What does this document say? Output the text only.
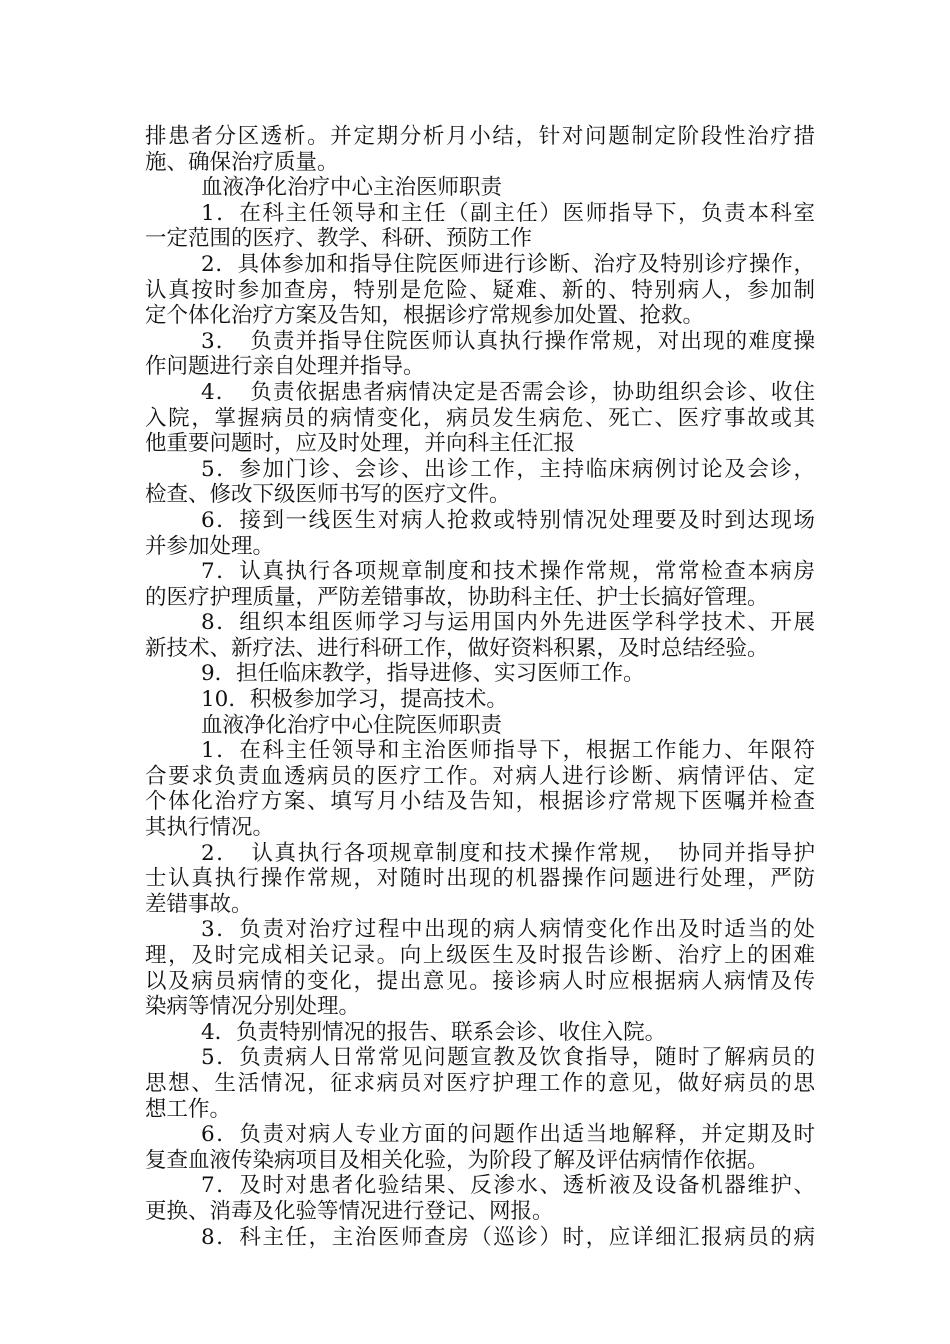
排患者分区透析。并定期分析月小结，针对问题制定阶段性治疗措
施、确保治疗质量。
血液净化治疗中心主治医师职责
1．在科主任领导和主任（副主任）医师指导下，负责本科室
一定范围的医疗、教学、科研、预防工作
2．具体参加和指导住院医师进行诊断、治疗及特别诊疗操作，
认真按时参加查房，特别是危险、疑难、新的、特别病人，参加制
定个体化治疗方案及告知，根据诊疗常规参加处置、抢救。
3．　负责并指导住院医师认真执行操作常规，对出现的难度操
作问题进行亲自处理并指导。
4．　负责依据患者病情决定是否需会诊，协助组织会诊、收住
入院，掌握病员的病情变化，病员发生病危、死亡、医疗事故或其
他重要问题时，应及时处理，并向科主任汇报
5．参加门诊、会诊、出诊工作，主持临床病例讨论及会诊，
检查、修改下级医师书写的医疗文件。
6．接到一线医生对病人抢救或特别情况处理要及时到达现场
并参加处理。
7．认真执行各项规章制度和技术操作常规，常常检查本病房
的医疗护理质量，严防差错事故，协助科主任、护士长搞好管理。
8．组织本组医师学习与运用国内外先进医学科学技术、开展
新技术、新疗法、进行科研工作，做好资料积累，及时总结经验。
9．担任临床教学，指导进修、实习医师工作。
10．积极参加学习，提高技术。
血液净化治疗中心住院医师职责
1．在科主任领导和主治医师指导下，根据工作能力、年限符
合要求负责血透病员的医疗工作。对病人进行诊断、病情评估、定
个体化治疗方案、填写月小结及告知，根据诊疗常规下医嘱并检查
其执行情况。
2．　认真执行各项规章制度和技术操作常规，　协同并指导护
士认真执行操作常规，对随时出现的机器操作问题进行处理，严防
差错事故。
3．负责对治疗过程中出现的病人病情变化作出及时适当的处
理，及时完成相关记录。向上级医生及时报告诊断、治疗上的困难
以及病员病情的变化，提出意见。接诊病人时应根据病人病情及传
染病等情况分别处理。
4．负责特别情况的报告、联系会诊、收住入院。
5．负责病人日常常见问题宣教及饮食指导，随时了解病员的
思想、生活情况，征求病员对医疗护理工作的意见，做好病员的思
想工作。
6．负责对病人专业方面的问题作出适当地解释，并定期及时
复查血液传染病项目及相关化验，为阶段了解及评估病情作依据。
7．及时对患者化验结果、反渗水、透析液及设备机器维护、
更换、消毒及化验等情况进行登记、网报。
8．科主任，主治医师查房（巡诊）时，应详细汇报病员的病
